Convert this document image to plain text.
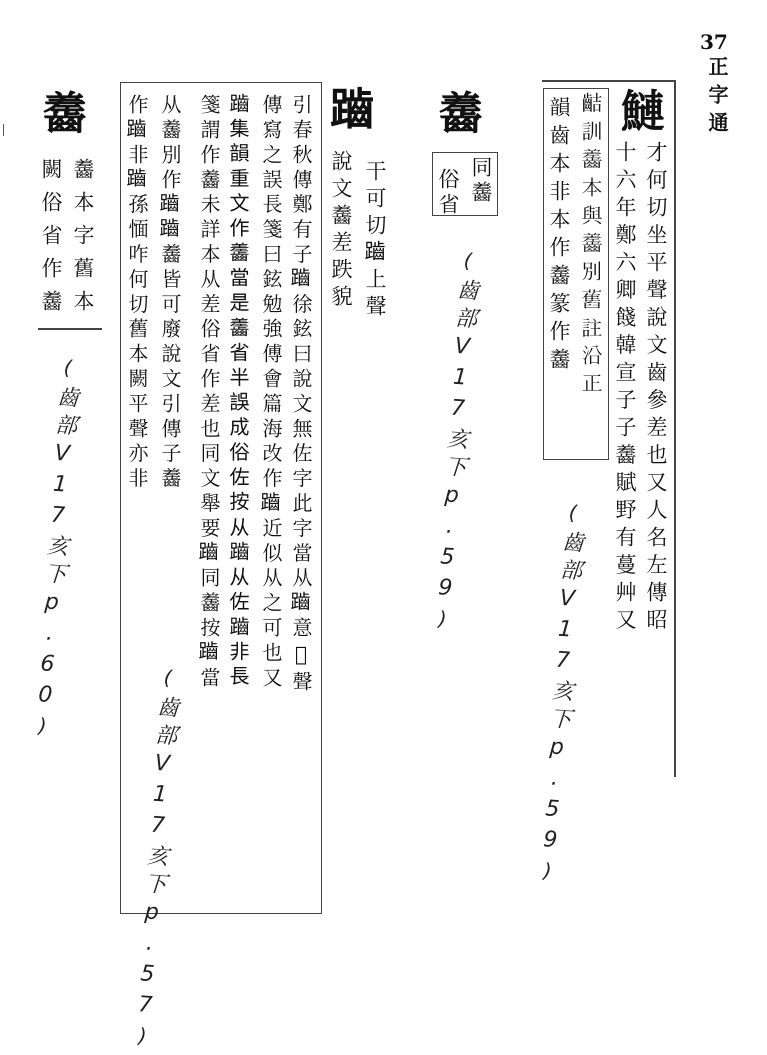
37
正字通
鰱
才何切坐平聲說文齒參差也又人名左傳昭
十六年鄭六卿餞韓宣子子齹賦野有蔓艸又
𪗾訓齹本與齹別舊註沿正
韻齒本非本作齹篆作齹
(齒部V17亥下p.59)
齹
同齹
俗省
(齒部V17亥下p.59)
𪘏
干可切𪘏上聲
說文齹差跌貌
引春秋傳鄭有子𪘏徐鉉曰說文無佐字此字當从𪘏意𫁴聲
傳寫之誤長箋曰鉉勉強傅會篇海改作𪘏近似从之可也又
𪘏集韻重文作齹當是齹省半誤成俗佐按从𪘏从佐𪘏非長
箋謂作齹未詳本从差俗省作差也同文舉要𪘏同齹按𪘏當
从齹別作𪘏𪘏齹皆可廢說文引傳子齹
作𪘏非𪘏孫愐咋何切舊本闕平聲亦非
(齒部V17亥下p.57)
齹
齹本字舊本
闕俗省作齹
(齒部V17亥下p.60)
